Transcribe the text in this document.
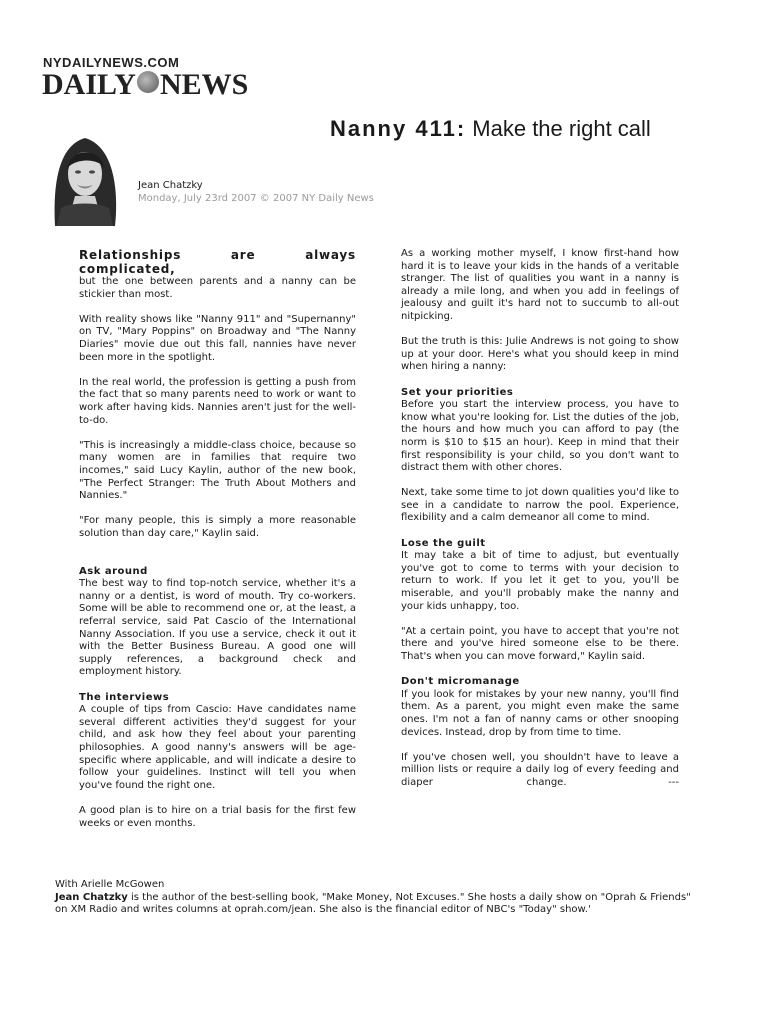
NYDAILYNEWS.COM
DAILY NEWS
Nanny 411: Make the right call
Jean Chatzky
Monday, July 23rd 2007 © 2007 NY Daily News

Relationships are always complicated,

but the one between parents and a nanny can be stickier than most.

With reality shows like "Nanny 911" and "Supernanny" on TV, "Mary Poppins" on Broadway and "The Nanny Diaries" movie due out this fall, nannies have never been more in the spotlight.

In the real world, the profession is getting a push from the fact that so many parents need to work or want to work after having kids. Nannies aren't just for the well-to-do.

"This is increasingly a middle-class choice, because so many women are in families that require two incomes," said Lucy Kaylin, author of the new book, "The Perfect Stranger: The Truth About Mothers and Nannies."

"For many people, this is simply a more reasonable solution than day care," Kaylin said.

Ask around

The best way to find top-notch service, whether it's a nanny or a dentist, is word of mouth. Try co-workers. Some will be able to recommend one or, at the least, a referral service, said Pat Cascio of the International Nanny Association. If you use a service, check it out it with the Better Business Bureau. A good one will supply references, a background check and employment history.

The interviews

A couple of tips from Cascio: Have candidates name several different activities they'd suggest for your child, and ask how they feel about your parenting philosophies. A good nanny's answers will be age-specific where applicable, and will indicate a desire to follow your guidelines. Instinct will tell you when you've found the right one.

A good plan is to hire on a trial basis for the first few weeks or even months.

As a working mother myself, I know first-hand how hard it is to leave your kids in the hands of a veritable stranger. The list of qualities you want in a nanny is already a mile long, and when you add in feelings of jealousy and guilt it's hard not to succumb to all-out nitpicking.

But the truth is this: Julie Andrews is not going to show up at your door. Here's what you should keep in mind when hiring a nanny:

Set your priorities

Before you start the interview process, you have to know what you're looking for. List the duties of the job, the hours and how much you can afford to pay (the norm is $10 to $15 an hour). Keep in mind that their first responsibility is your child, so you don't want to distract them with other chores.

Next, take some time to jot down qualities you'd like to see in a candidate to narrow the pool. Experience, flexibility and a calm demeanor all come to mind.

Lose the guilt

It may take a bit of time to adjust, but eventually you've got to come to terms with your decision to return to work. If you let it get to you, you'll be miserable, and you'll probably make the nanny and your kids unhappy, too.

"At a certain point, you have to accept that you're not there and you've hired someone else to be there. That's when you can move forward," Kaylin said.

Don't micromanage

If you look for mistakes by your new nanny, you'll find them. As a parent, you might even make the same ones. I'm not a fan of nanny cams or other snooping devices. Instead, drop by from time to time.

If you've chosen well, you shouldn't have to leave a million lists or require a daily log of every feeding and diaper change.	---

With Arielle McGowen

Jean Chatzky is the author of the best-selling book, "Make Money, Not Excuses." She hosts a daily show on "Oprah & Friends" on XM Radio and writes columns at oprah.com/jean. She also is the financial editor of NBC's "Today" show.'
